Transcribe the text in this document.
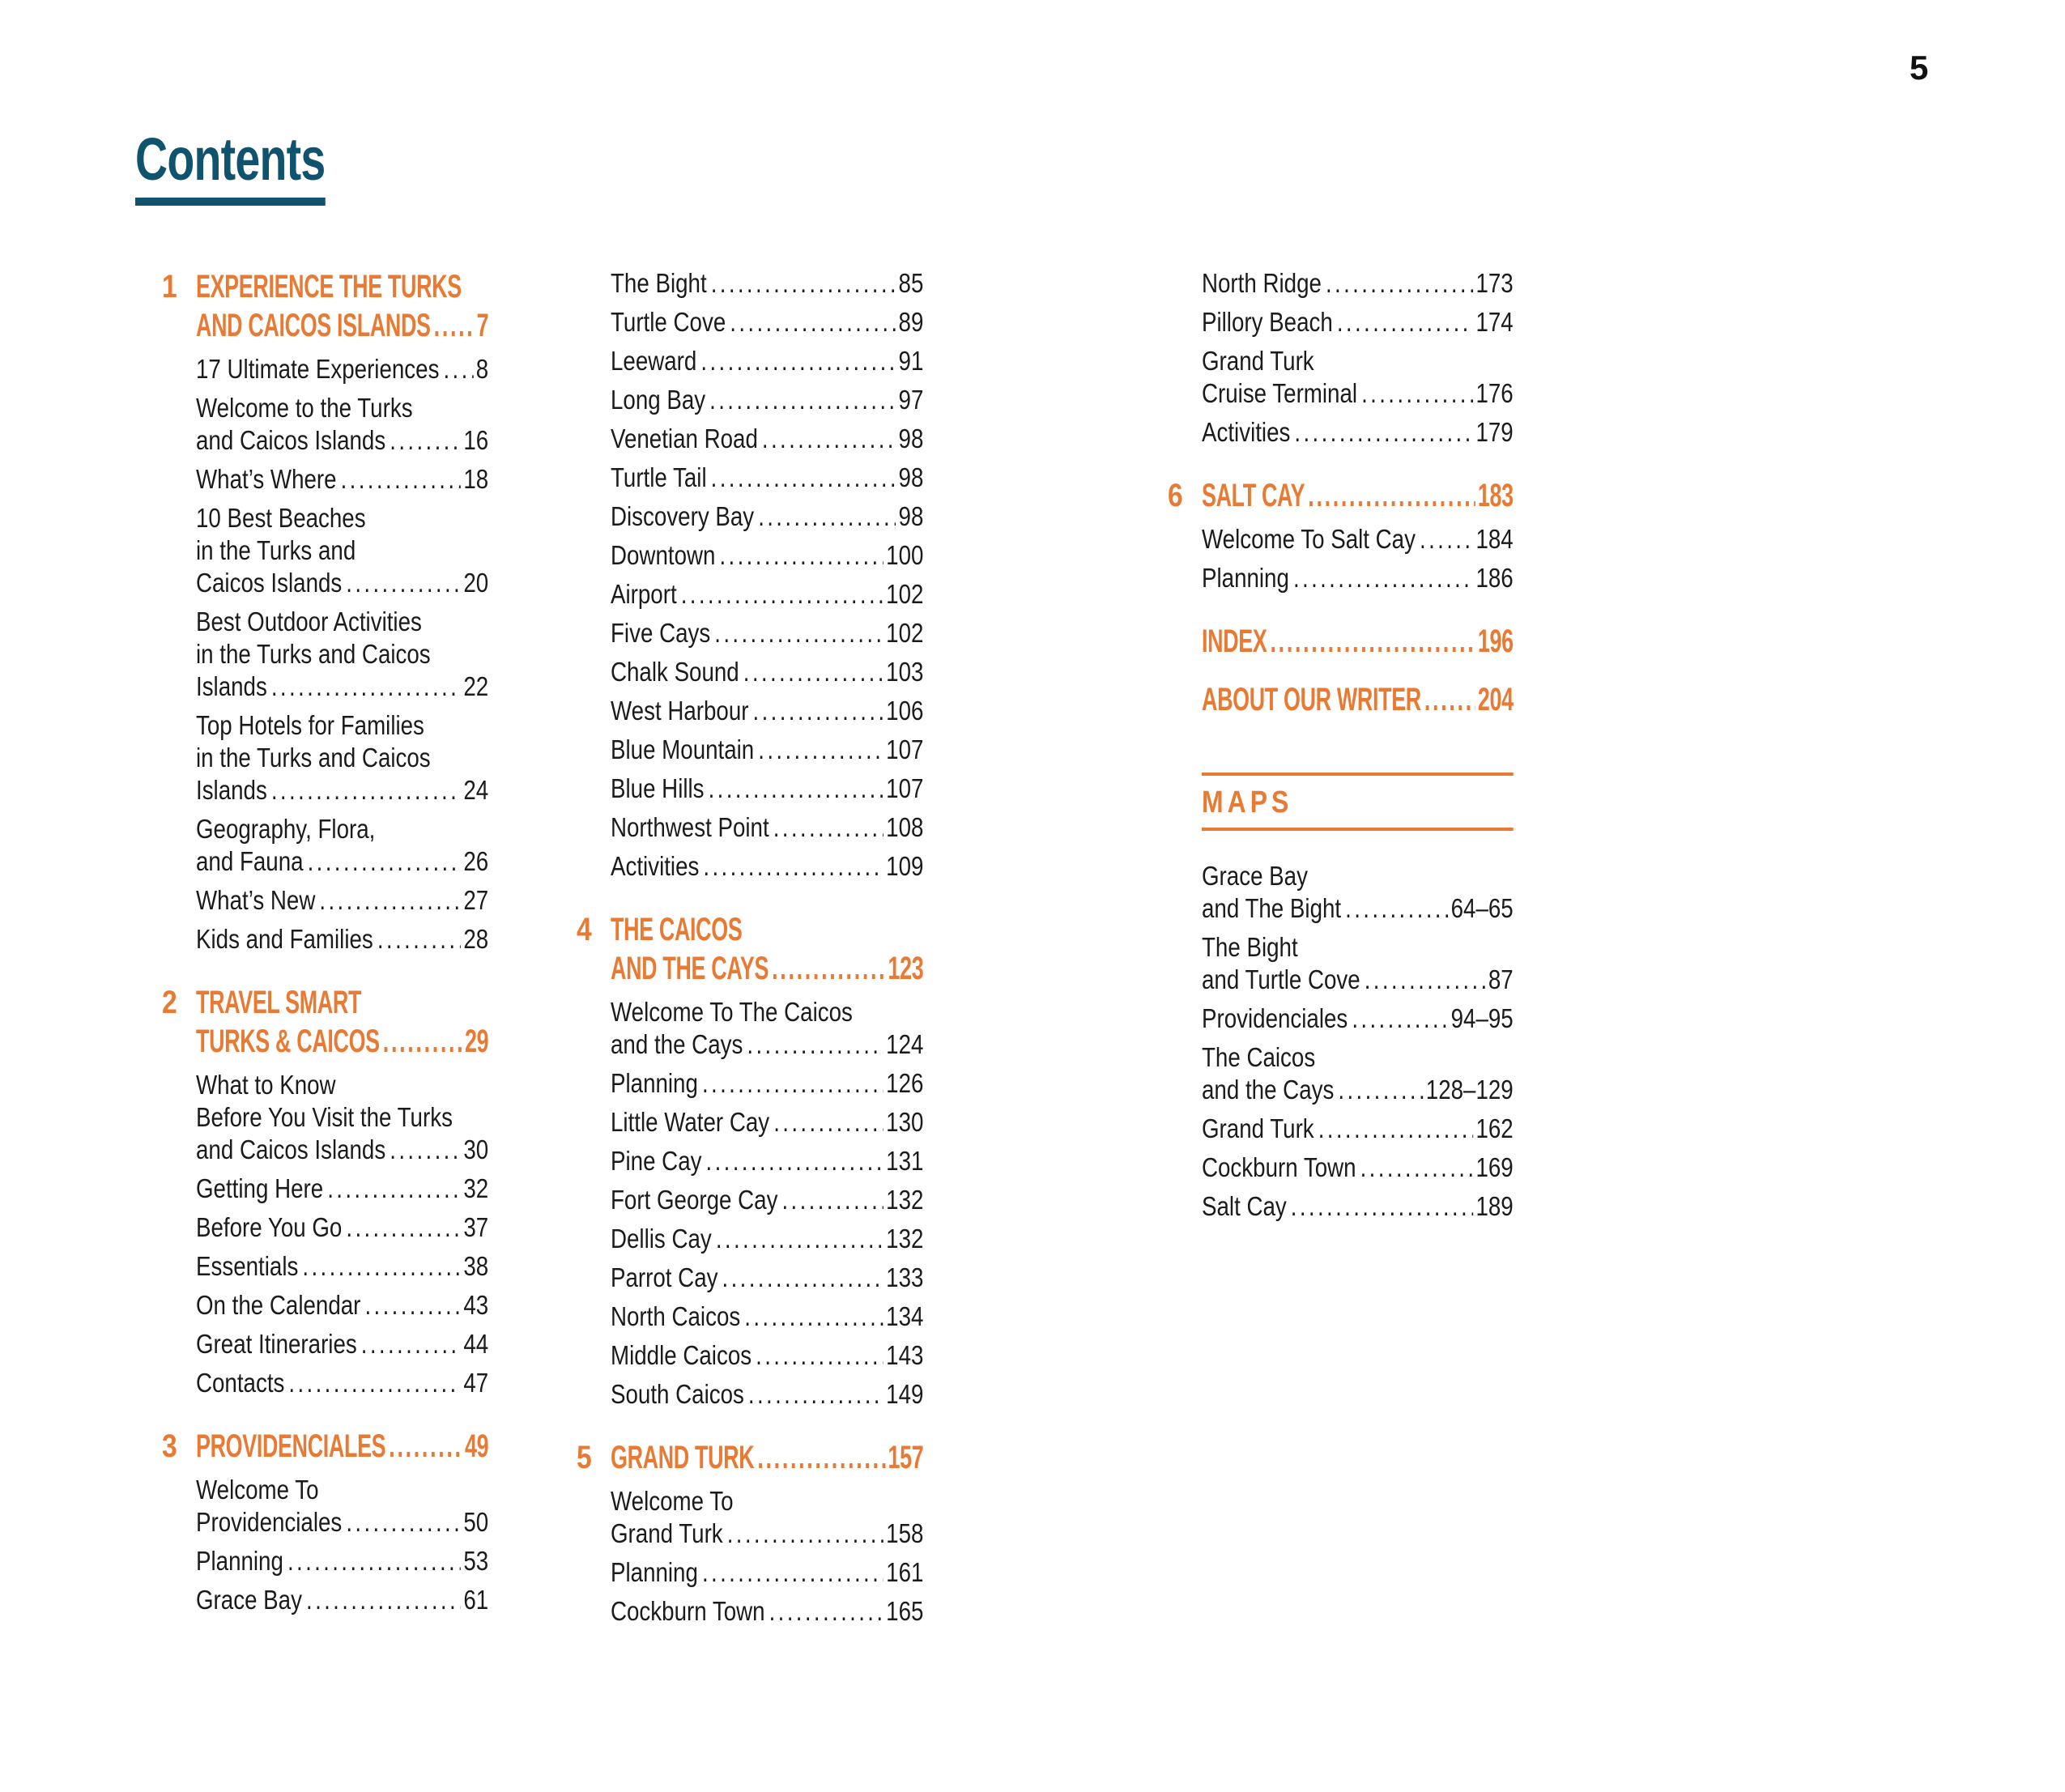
5
Contents
1 EXPERIENCE THE TURKS
AND CAICOS ISLANDS ..... 7
17 Ultimate Experiences ..... 8
Welcome to the Turks
and Caicos Islands .....	16
What’s Where .....	18
10 Best Beaches
in the Turks and
Caicos Islands .....	20
Best Outdoor Activities
in the Turks and Caicos
Islands .....	22
Top Hotels for Families
in the Turks and Caicos
Islands .....	24
Geography, Flora,
and Fauna .....	26
What’s New .....	27
Kids and Families .....	28
2 TRAVEL SMART
TURKS & CAICOS .....	29
What to Know
Before You Visit the Turks
and Caicos Islands .....	30
Getting Here .....	32
Before You Go .....	37
Essentials .....	38
On the Calendar .....	43
Great Itineraries .....	44
Contacts .....	47
3 PROVIDENCIALES ..... 49
Welcome To
Providenciales .....	50
Planning .....	53
Grace Bay .....	61
The Bight .....	85
Turtle Cove .....	89
Leeward .....	91
Long Bay .....	97
Venetian Road .....	98
Turtle Tail .....	98
Discovery Bay .....	98
Downtown .....	100
Airport .....	102
Five Cays .....	102
Chalk Sound .....	103
West Harbour .....	106
Blue Mountain .....	107
Blue Hills .....	107
Northwest Point .....	108
Activities .....	109
4 THE CAICOS
AND THE CAYS .....	123
Welcome To The Caicos
and the Cays .....	124
Planning .....	126
Little Water Cay .....	130
Pine Cay .....	131
Fort George Cay .....	132
Dellis Cay .....	132
Parrot Cay .....	133
North Caicos .....	134
Middle Caicos .....	143
South Caicos .....	149
5 GRAND TURK .....	157
Welcome To
Grand Turk .....	158
Planning .....	161
Cockburn Town .....	165
North Ridge .....	173
Pillory Beach .....	174
Grand Turk
Cruise Terminal .....	176
Activities .....	179
6 SALT CAY .....	183
Welcome To Salt Cay ..... 184
Planning .....	186
INDEX .....	196
ABOUT OUR WRITER ..... 204
MAPS
Grace Bay
and The Bight .....	64–65
The Bight
and Turtle Cove .....	87
Providenciales .....	94–95
The Caicos
and the Cays .....	128–129
Grand Turk .....	162
Cockburn Town .....	169
Salt Cay .....	189
